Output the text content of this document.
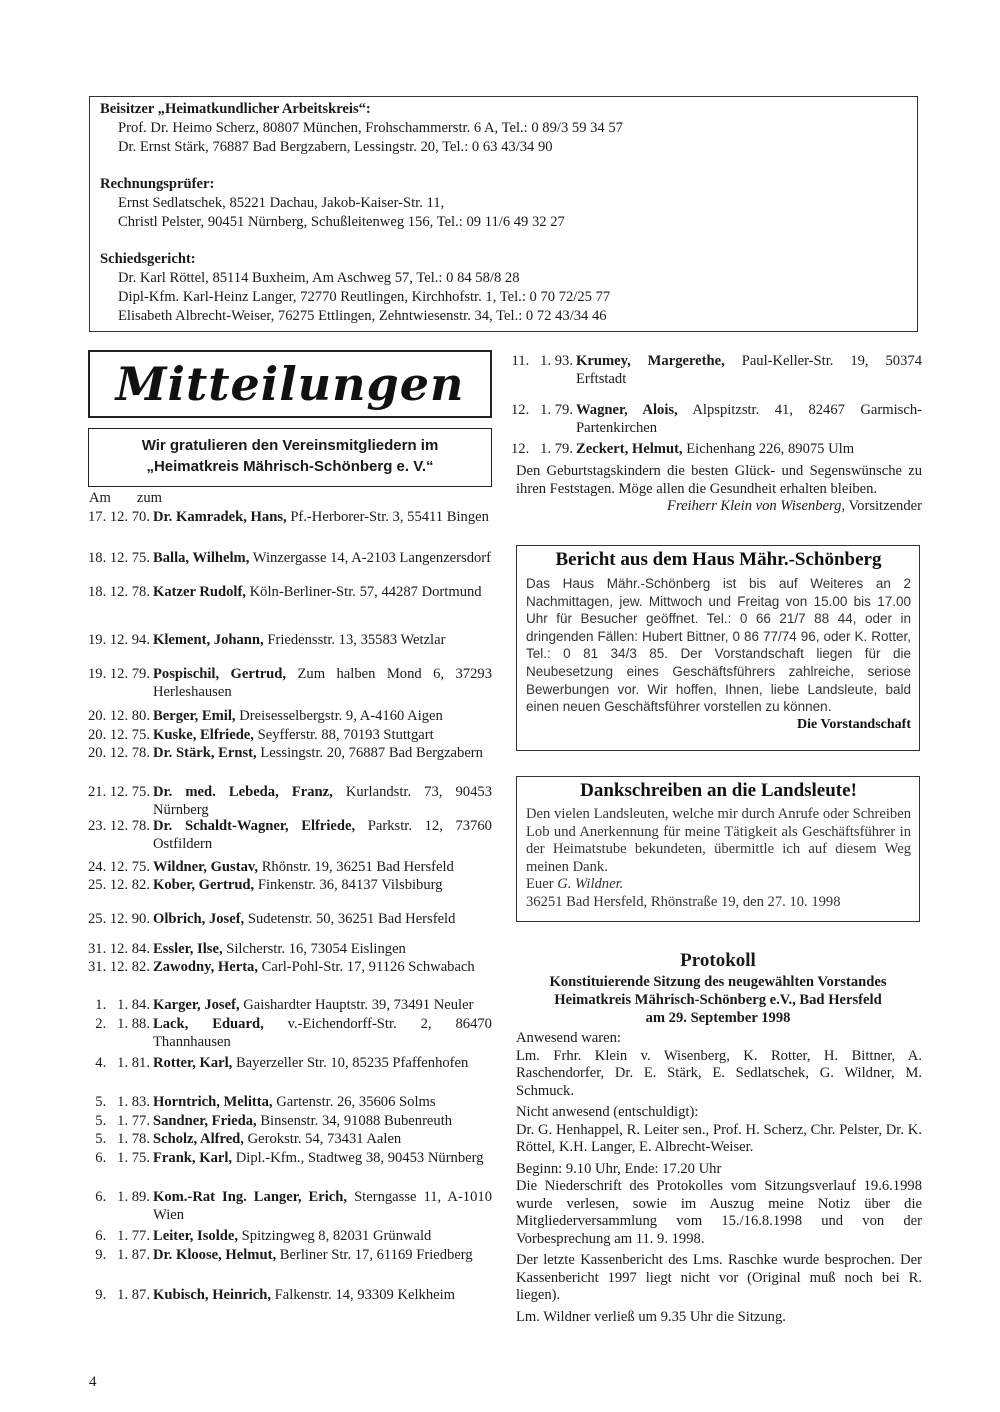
Beisitzer „Heimatkundlicher Arbeitskreis“:
Prof. Dr. Heimo Scherz, 80807 München, Frohschammerstr. 6 A, Tel.: 0 89/3 59 34 57
Dr. Ernst Stärk, 76887 Bad Bergzabern, Lessingstr. 20, Tel.: 0 63 43/34 90
Rechnungsprüfer:
Ernst Sedlatschek, 85221 Dachau, Jakob-Kaiser-Str. 11,
Christl Pelster, 90451 Nürnberg, Schußleitenweg 156, Tel.: 09 11/6 49 32 27
Schiedsgericht:
Dr. Karl Röttel, 85114 Buxheim, Am Aschweg 57, Tel.: 0 84 58/8 28
Dipl-Kfm. Karl-Heinz Langer, 72770 Reutlingen, Kirchhofstr. 1, Tel.: 0 70 72/25 77
Elisabeth Albrecht-Weiser, 76275 Ettlingen, Zehntwiesenstr. 34, Tel.: 0 72 43/34 46
Mitteilungen
Wir gratulieren den Vereinsmitgliedern im
„Heimatkreis Mährisch-Schönberg e. V.“
Am zum
17. 12. 70. Dr. Kamradek, Hans, Pf.-Herborer-Str. 3, 55411 Bingen
18. 12. 75. Balla, Wilhelm, Winzergasse 14, A-2103 Langenzersdorf
18. 12. 78. Katzer Rudolf, Köln-Berliner-Str. 57, 44287 Dortmund
19. 12. 94. Klement, Johann, Friedensstr. 13, 35583 Wetzlar
19. 12. 79. Pospischil, Gertrud, Zum halben Mond 6, 37293 Herleshausen
20. 12. 80. Berger, Emil, Dreisesselbergstr. 9, A-4160 Aigen
20. 12. 75. Kuske, Elfriede, Seyfferstr. 88, 70193 Stuttgart
20. 12. 78. Dr. Stärk, Ernst, Lessingstr. 20, 76887 Bad Bergzabern
21. 12. 75. Dr. med. Lebeda, Franz, Kurlandstr. 73, 90453 Nürnberg
23. 12. 78. Dr. Schaldt-Wagner, Elfriede, Parkstr. 12, 73760 Ostfildern
24. 12. 75. Wildner, Gustav, Rhönstr. 19, 36251 Bad Hersfeld
25. 12. 82. Kober, Gertrud, Finkenstr. 36, 84137 Vilsbiburg
25. 12. 90. Olbrich, Josef, Sudetenstr. 50, 36251 Bad Hersfeld
31. 12. 84. Essler, Ilse, Silcherstr. 16, 73054 Eislingen
31. 12. 82. Zawodny, Herta, Carl-Pohl-Str. 17, 91126 Schwabach
1.   1. 84. Karger, Josef, Gaishardter Hauptstr. 39, 73491 Neuler
2.   1. 88. Lack, Eduard, v.-Eichendorff-Str. 2, 86470 Thannhausen
4.   1. 81. Rotter, Karl, Bayerzeller Str. 10, 85235 Pfaffenhofen
5.   1. 83. Horntrich, Melitta, Gartenstr. 26, 35606 Solms
5.   1. 77. Sandner, Frieda, Binsenstr. 34, 91088 Bubenreuth
5.   1. 78. Scholz, Alfred, Gerokstr. 54, 73431 Aalen
6.   1. 75. Frank, Karl, Dipl.-Kfm., Stadtweg 38, 90453 Nürnberg
6.   1. 89. Kom.-Rat Ing. Langer, Erich, Sterngasse 11, A-1010 Wien
6.   1. 77. Leiter, Isolde, Spitzingweg 8, 82031 Grünwald
9.   1. 87. Dr. Kloose, Helmut, Berliner Str. 17, 61169 Friedberg
9.   1. 87. Kubisch, Heinrich, Falkenstr. 14, 93309 Kelkheim
11.   1. 93. Krumey, Margerethe, Paul-Keller-Str. 19, 50374 Erftstadt
12.   1. 79. Wagner, Alois, Alpspitzstr. 41, 82467 Garmisch-Partenkirchen
12.   1. 79. Zeckert, Helmut, Eichenhang 226, 89075 Ulm
Den Geburtstagskindern die besten Glück- und Segenswünsche zu ihren Feststagen. Möge allen die Gesundheit erhalten bleiben.
Freiherr Klein von Wisenberg, Vorsitzender
Bericht aus dem Haus Mähr.-Schönberg

Das Haus Mähr.-Schönberg ist bis auf Weiteres an 2 Nachmittagen, jew. Mittwoch und Freitag von 15.00 bis 17.00 Uhr für Besucher geöffnet. Tel.: 0 66 21/7 88 44, oder in dringenden Fällen: Hubert Bittner, 0 86 77/74 96, oder K. Rotter, Tel.: 0 81 34/3 85. Der Vorstandschaft liegen für die Neubesetzung eines Geschäftsführers zahlreiche, seriose Bewerbungen vor. Wir hoffen, Ihnen, liebe Landsleute, bald einen neuen Geschäftsführer vorstellen zu können.

Die Vorstandschaft
Dankschreiben an die Landsleute!

Den vielen Landsleuten, welche mir durch Anrufe oder Schreiben Lob und Anerkennung für meine Tätigkeit als Geschäftsführer in der Heimatstube bekundeten, übermittle ich auf diesem Weg meinen Dank.

Euer G. Wildner.

36251 Bad Hersfeld, Rhönstraße 19, den 27. 10. 1998

Protokoll
Konstituierende Sitzung des neugewählten Vorstandes
Heimatkreis Mährisch-Schönberg e.V., Bad Hersfeld
am 29. September 1998

Anwesend waren:

Lm. Frhr. Klein v. Wisenberg, K. Rotter, H. Bittner, A. Raschendorfer, Dr. E. Stärk, E. Sedlatschek, G. Wildner, M. Schmuck.

Nicht anwesend (entschuldigt):

Dr. G. Henhappel, R. Leiter sen., Prof. H. Scherz, Chr. Pelster, Dr. K. Röttel, K.H. Langer, E. Albrecht-Weiser.

Beginn: 9.10 Uhr, Ende: 17.20 Uhr

Die Niederschrift des Protokolles vom Sitzungsverlauf 19.6.1998 wurde verlesen, sowie im Auszug meine Notiz über die Mitgliederversammlung vom 15./16.8.1998 und von der Vorbesprechung am 11. 9. 1998.

Der letzte Kassenbericht des Lms. Raschke wurde besprochen. Der Kassenbericht 1997 liegt nicht vor (Original muß noch bei R. liegen).

Lm. Wildner verließ um 9.35 Uhr die Sitzung.

4
